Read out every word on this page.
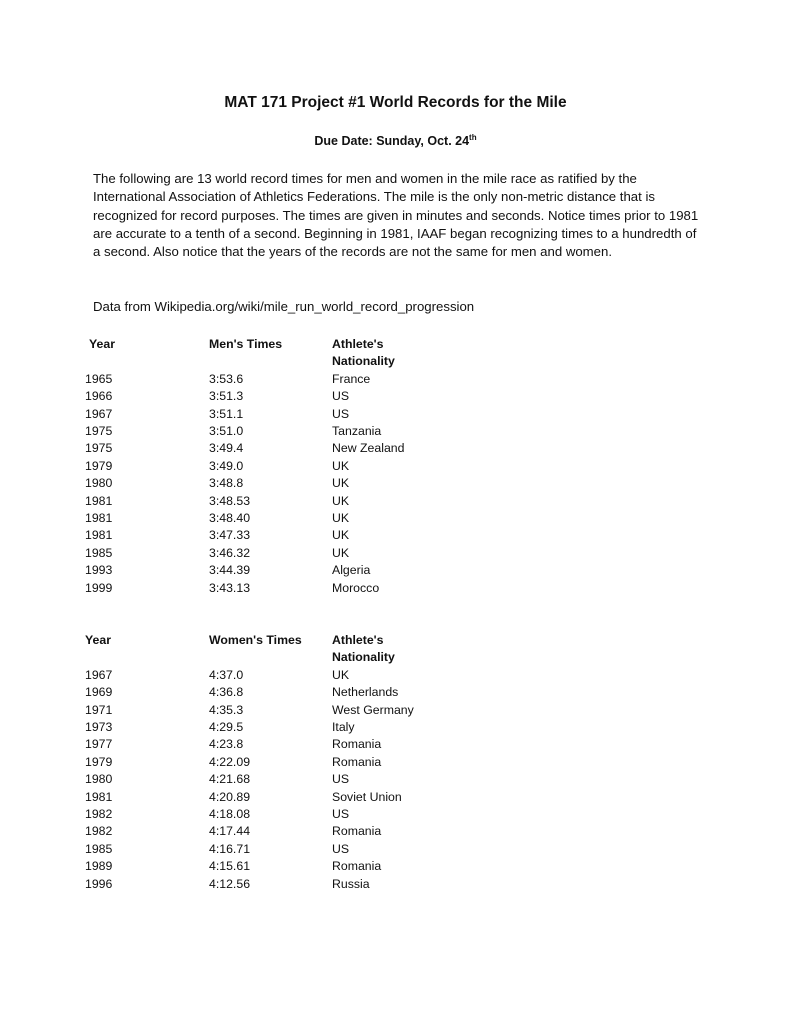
MAT 171 Project #1 World Records for the Mile
Due Date: Sunday, Oct. 24th

The following are 13 world record times for men and women in the mile race as ratified by the International Association of Athletics Federations. The mile is the only non-metric distance that is recognized for record purposes. The times are given in minutes and seconds. Notice times prior to 1981 are accurate to a tenth of a second. Beginning in 1981, IAAF began recognizing times to a hundredth of a second. Also notice that the years of the records are not the same for men and women.

Data from Wikipedia.org/wiki/mile_run_world_record_progression

Year	Men's Times	Athlete's
Nationality
1965	3:53.6	France
1966	3:51.3	US
1967	3:51.1	US
1975	3:51.0	Tanzania
1975	3:49.4	New Zealand
1979	3:49.0	UK
1980	3:48.8	UK
1981	3:48.53	UK
1981	3:48.40	UK
1981	3:47.33	UK
1985	3:46.32	UK
1993	3:44.39	Algeria
1999	3:43.13	Morocco
Year	Women's Times	Athlete's
Nationality
1967	4:37.0	UK
1969	4:36.8	Netherlands
1971	4:35.3	West Germany
1973	4:29.5	Italy
1977	4:23.8	Romania
1979	4:22.09	Romania
1980	4:21.68	US
1981	4:20.89	Soviet Union
1982	4:18.08	US
1982	4:17.44	Romania
1985	4:16.71	US
1989	4:15.61	Romania
1996	4:12.56	Russia
